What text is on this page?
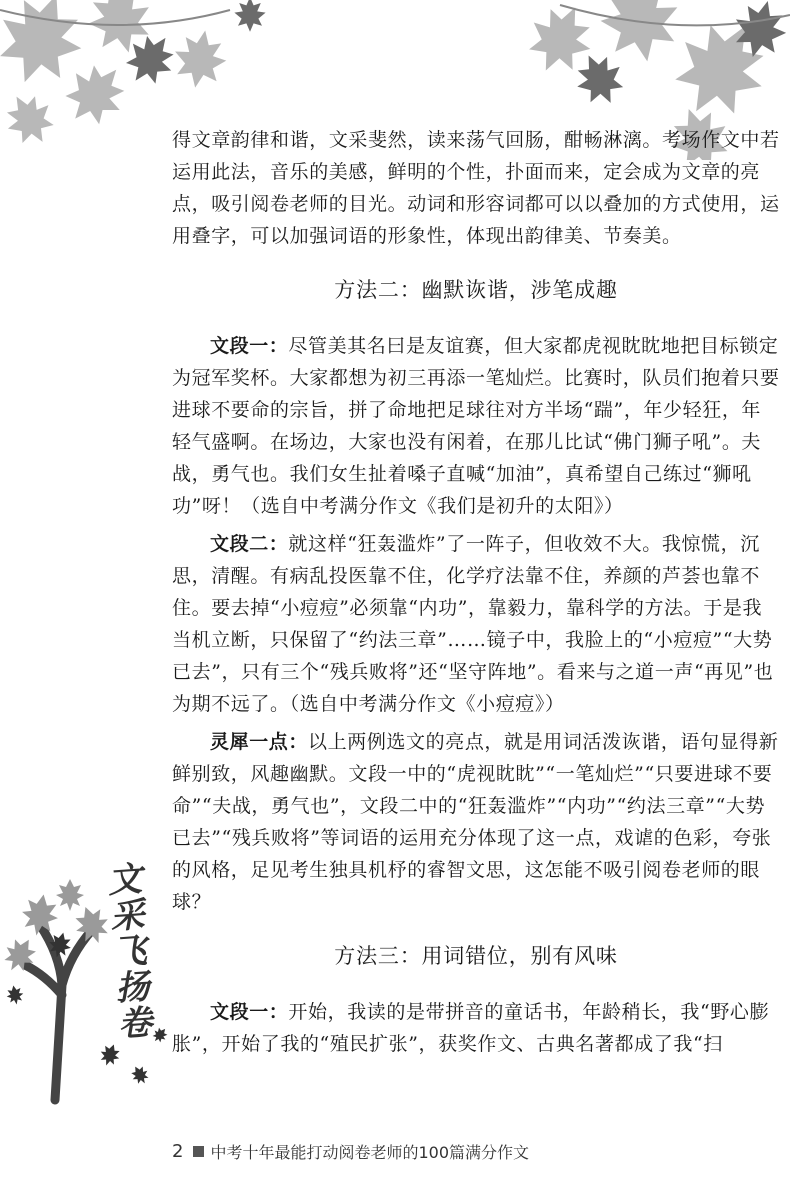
文
采
飞
扬
卷

得文章韵律和谐，文采斐然，读来荡气回肠，酣畅淋漓。考场作文中若运用此法，音乐的美感，鲜明的个性，扑面而来，定会成为文章的亮点，吸引阅卷老师的目光。动词和形容词都可以以叠加的方式使用，运用叠字，可以加强词语的形象性，体现出韵律美、节奏美。

方法二：幽默诙谐，涉笔成趣

文段一：尽管美其名曰是友谊赛，但大家都虎视眈眈地把目标锁定为冠军奖杯。大家都想为初三再添一笔灿烂。比赛时，队员们抱着只要进球不要命的宗旨，拼了命地把足球往对方半场“踹”，年少轻狂，年轻气盛啊。在场边，大家也没有闲着，在那儿比试“佛门狮子吼”。夫战，勇气也。我们女生扯着嗓子直喊“加油”，真希望自己练过“狮吼功”呀！（选自中考满分作文《我们是初升的太阳》）

文段二：就这样“狂轰滥炸”了一阵子，但收效不大。我惊慌，沉思，清醒。有病乱投医靠不住，化学疗法靠不住，养颜的芦荟也靠不住。要去掉“小痘痘”必须靠“内功”，靠毅力，靠科学的方法。于是我当机立断，只保留了“约法三章”……镜子中，我脸上的“小痘痘”“大势已去”，只有三个“残兵败将”还“坚守阵地”。看来与之道一声“再见”也为期不远了。（选自中考满分作文《小痘痘》）

灵犀一点：以上两例选文的亮点，就是用词活泼诙谐，语句显得新鲜别致，风趣幽默。文段一中的“虎视眈眈”“一笔灿烂”“只要进球不要命”“夫战，勇气也”，文段二中的“狂轰滥炸”“内功”“约法三章”“大势已去”“残兵败将”等词语的运用充分体现了这一点，戏谑的色彩，夸张的风格，足见考生独具机杼的睿智文思，这怎能不吸引阅卷老师的眼球？

方法三：用词错位，别有风味

文段一：开始，我读的是带拼音的童话书，年龄稍长，我“野心膨胀”，开始了我的“殖民扩张”，获奖作文、古典名著都成了我“扫

2 中考十年最能打动阅卷老师的100篇满分作文
